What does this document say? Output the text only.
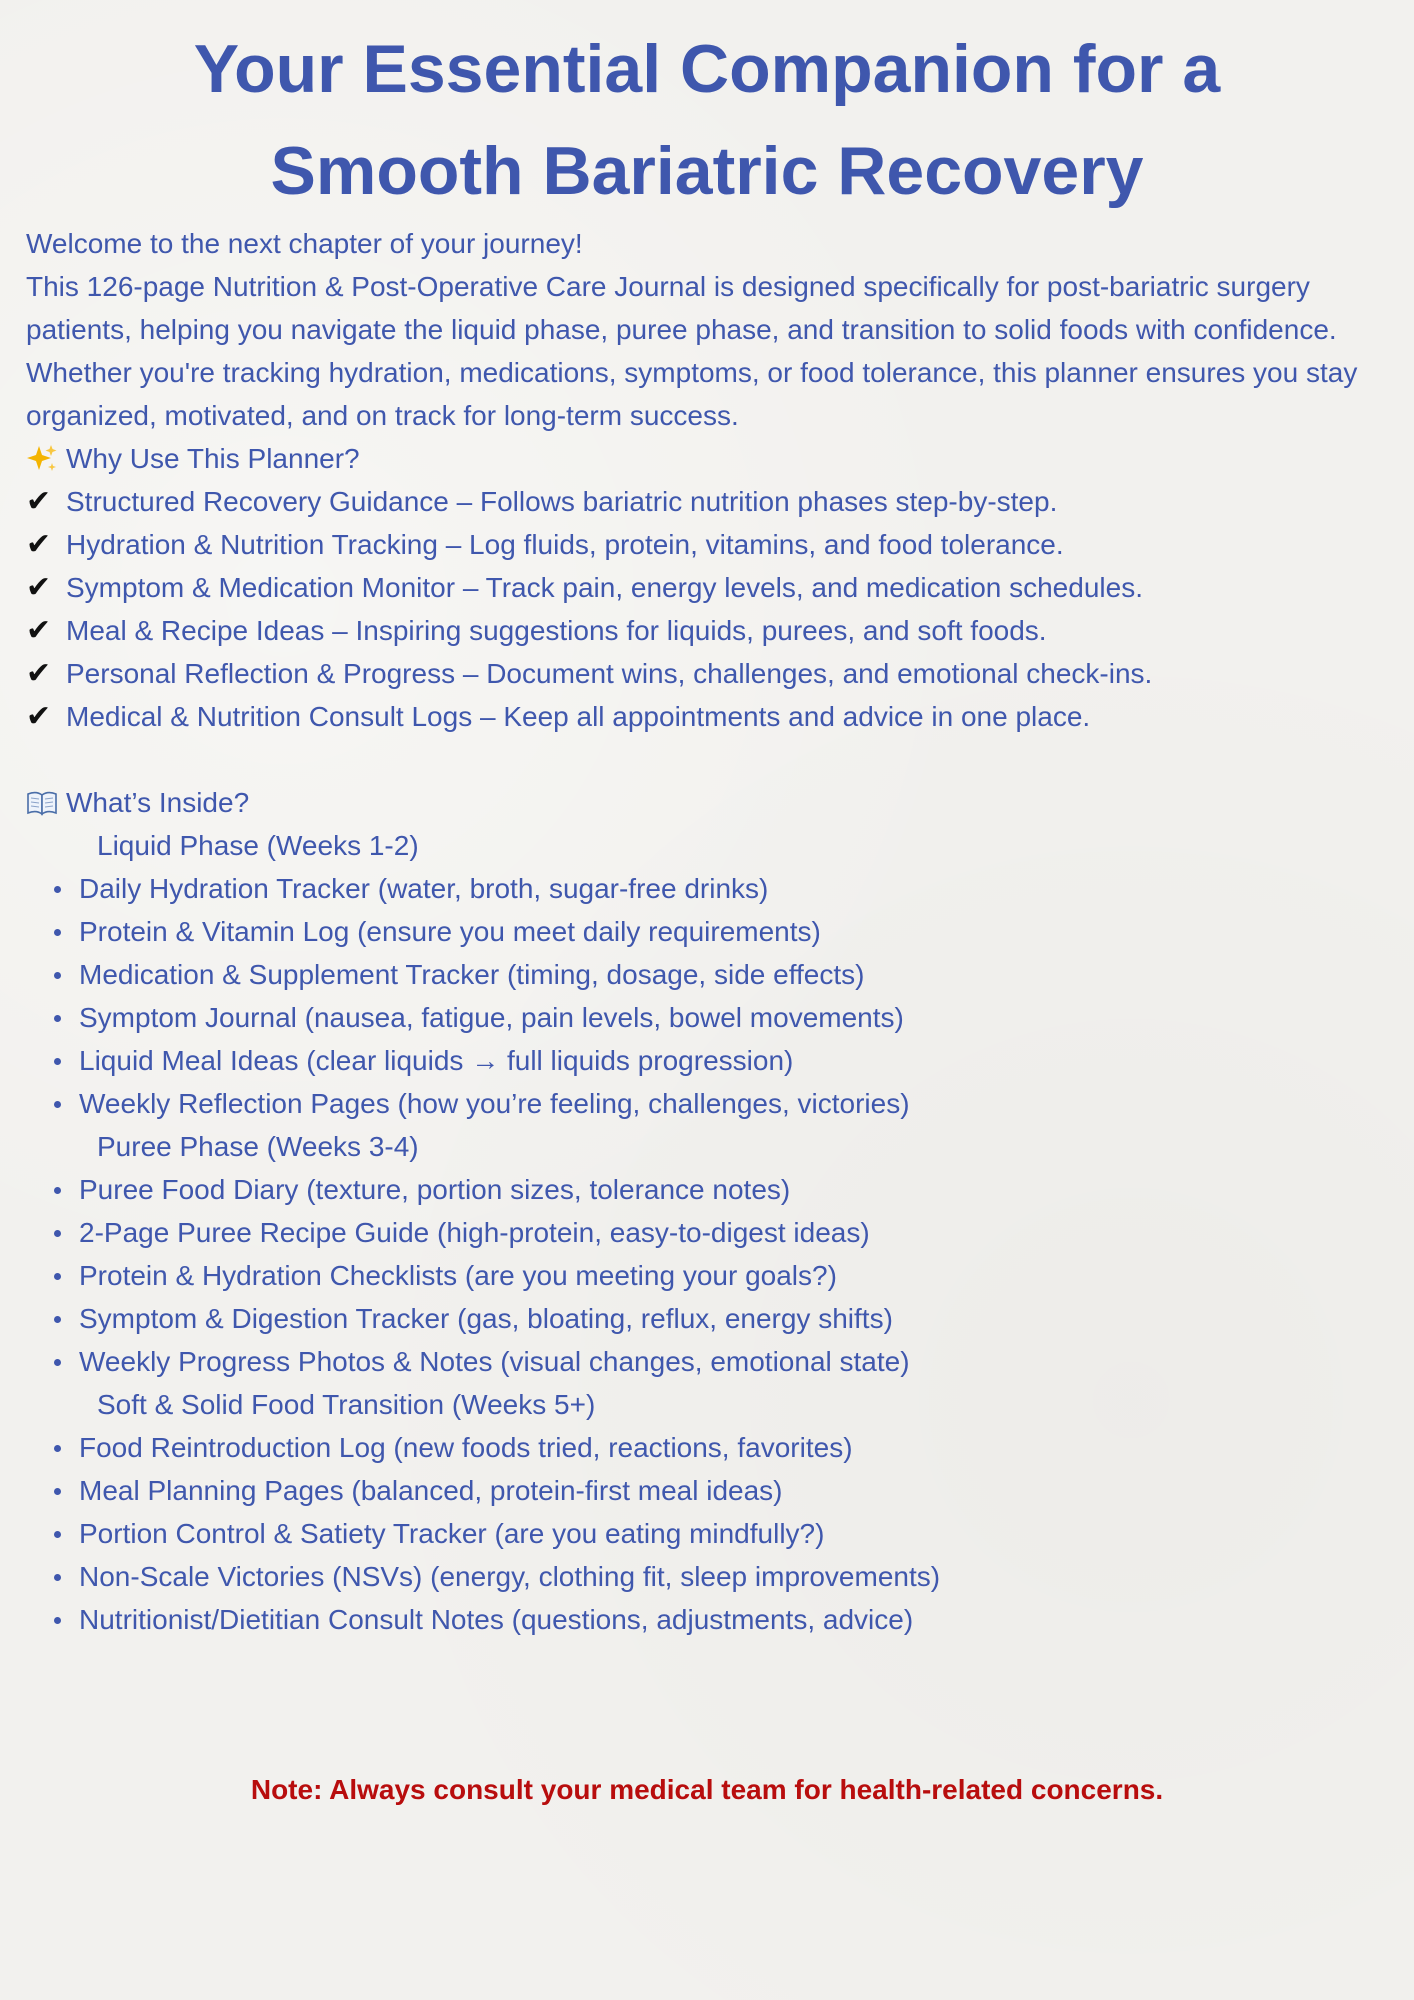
Your Essential Companion for a Smooth Bariatric Recovery

Welcome to the next chapter of your journey!

This 126-page Nutrition & Post-Operative Care Journal is designed specifically for post-bariatric surgery patients, helping you navigate the liquid phase, puree phase, and transition to solid foods with confidence.

Whether you're tracking hydration, medications, symptoms, or food tolerance, this planner ensures you stay organized, motivated, and on track for long-term success.

Why Use This Planner?
✔ Structured Recovery Guidance – Follows bariatric nutrition phases step-by-step.
✔ Hydration & Nutrition Tracking – Log fluids, protein, vitamins, and food tolerance.
✔ Symptom & Medication Monitor – Track pain, energy levels, and medication schedules.
✔ Meal & Recipe Ideas – Inspiring suggestions for liquids, purees, and soft foods.
✔ Personal Reflection & Progress – Document wins, challenges, and emotional check-ins.
✔ Medical & Nutrition Consult Logs – Keep all appointments and advice in one place.
What’s Inside?
Liquid Phase (Weeks 1-2)
Daily Hydration Tracker (water, broth, sugar-free drinks)
Protein & Vitamin Log (ensure you meet daily requirements)
Medication & Supplement Tracker (timing, dosage, side effects)
Symptom Journal (nausea, fatigue, pain levels, bowel movements)
Liquid Meal Ideas (clear liquids → full liquids progression)
Weekly Reflection Pages (how you’re feeling, challenges, victories)
Puree Phase (Weeks 3-4)
Puree Food Diary (texture, portion sizes, tolerance notes)
2-Page Puree Recipe Guide (high-protein, easy-to-digest ideas)
Protein & Hydration Checklists (are you meeting your goals?)
Symptom & Digestion Tracker (gas, bloating, reflux, energy shifts)
Weekly Progress Photos & Notes (visual changes, emotional state)
Soft & Solid Food Transition (Weeks 5+)
Food Reintroduction Log (new foods tried, reactions, favorites)
Meal Planning Pages (balanced, protein-first meal ideas)
Portion Control & Satiety Tracker (are you eating mindfully?)
Non-Scale Victories (NSVs) (energy, clothing fit, sleep improvements)
Nutritionist/Dietitian Consult Notes (questions, adjustments, advice)
Note: Always consult your medical team for health-related concerns.
